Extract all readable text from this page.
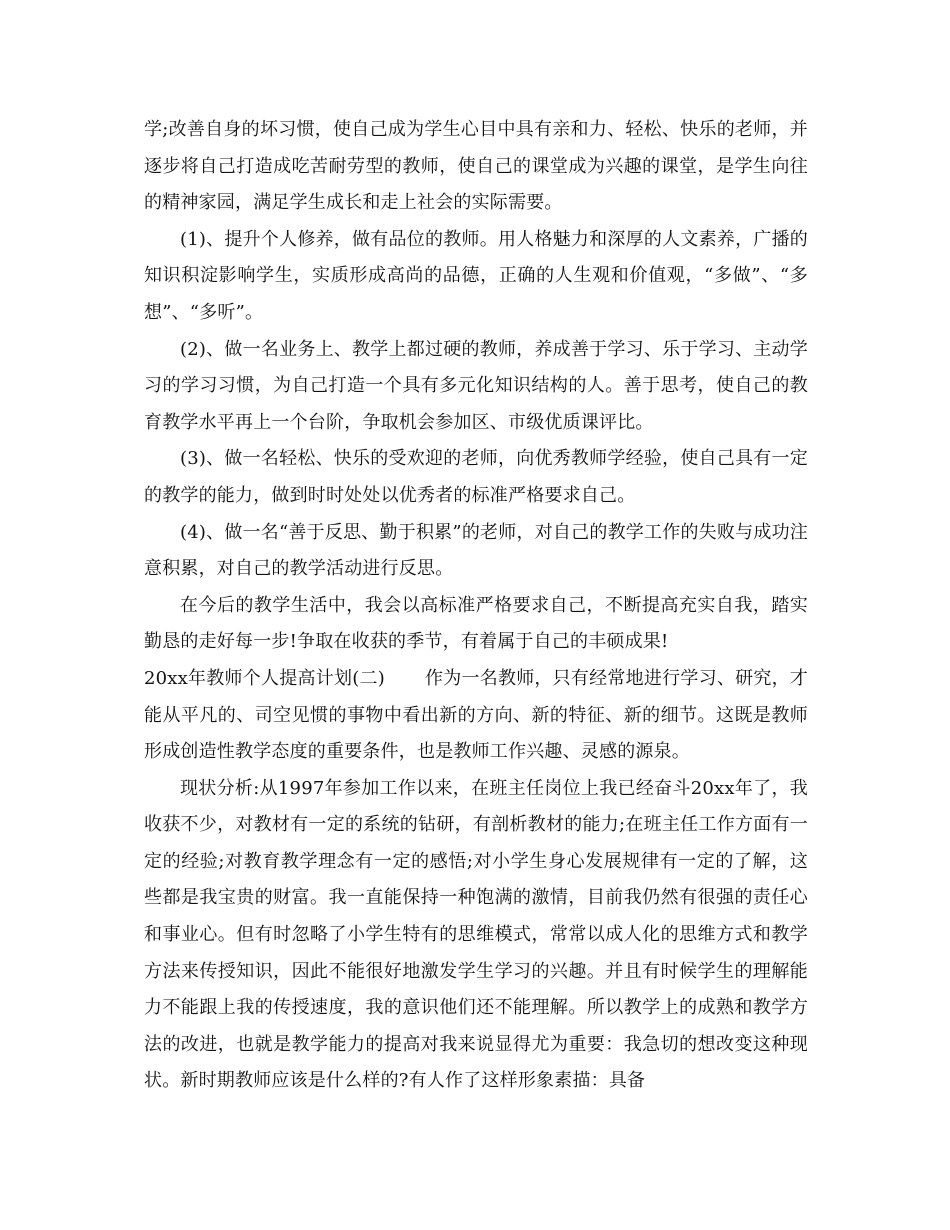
学;改善自身的坏习惯，使自己成为学生心目中具有亲和力、轻松、快乐的老师，并逐步将自己打造成吃苦耐劳型的教师，使自己的课堂成为兴趣的课堂，是学生向往的精神家园，满足学生成长和走上社会的实际需要。

(1)、提升个人修养，做有品位的教师。用人格魅力和深厚的人文素养，广播的知识积淀影响学生，实质形成高尚的品德，正确的人生观和价值观，“多做”、“多想”、“多听”。

(2)、做一名业务上、教学上都过硬的教师，养成善于学习、乐于学习、主动学习的学习习惯，为自己打造一个具有多元化知识结构的人。善于思考，使自己的教育教学水平再上一个台阶，争取机会参加区、市级优质课评比。

(3)、做一名轻松、快乐的受欢迎的老师，向优秀教师学经验，使自己具有一定的教学的能力，做到时时处处以优秀者的标准严格要求自己。

(4)、做一名“善于反思、勤于积累”的老师，对自己的教学工作的失败与成功注意积累，对自己的教学活动进行反思。

在今后的教学生活中，我会以高标准严格要求自己，不断提高充实自我，踏实勤恳的走好每一步!争取在收获的季节，有着属于自己的丰硕成果!

20xx年教师个人提高计划(二) 作为一名教师，只有经常地进行学习、研究，才能从平凡的、司空见惯的事物中看出新的方向、新的特征、新的细节。这既是教师形成创造性教学态度的重要条件，也是教师工作兴趣、灵感的源泉。

现状分析:从1997年参加工作以来，在班主任岗位上我已经奋斗20xx年了，我收获不少，对教材有一定的系统的钻研，有剖析教材的能力;在班主任工作方面有一定的经验;对教育教学理念有一定的感悟;对小学生身心发展规律有一定的了解，这些都是我宝贵的财富。我一直能保持一种饱满的激情，目前我仍然有很强的责任心和事业心。但有时忽略了小学生特有的思维模式，常常以成人化的思维方式和教学方法来传授知识，因此不能很好地激发学生学习的兴趣。并且有时候学生的理解能力不能跟上我的传授速度，我的意识他们还不能理解。所以教学上的成熟和教学方法的改进，也就是教学能力的提高对我来说显得尤为重要：我急切的想改变这种现状。新时期教师应该是什么样的?有人作了这样形象素描：具备
